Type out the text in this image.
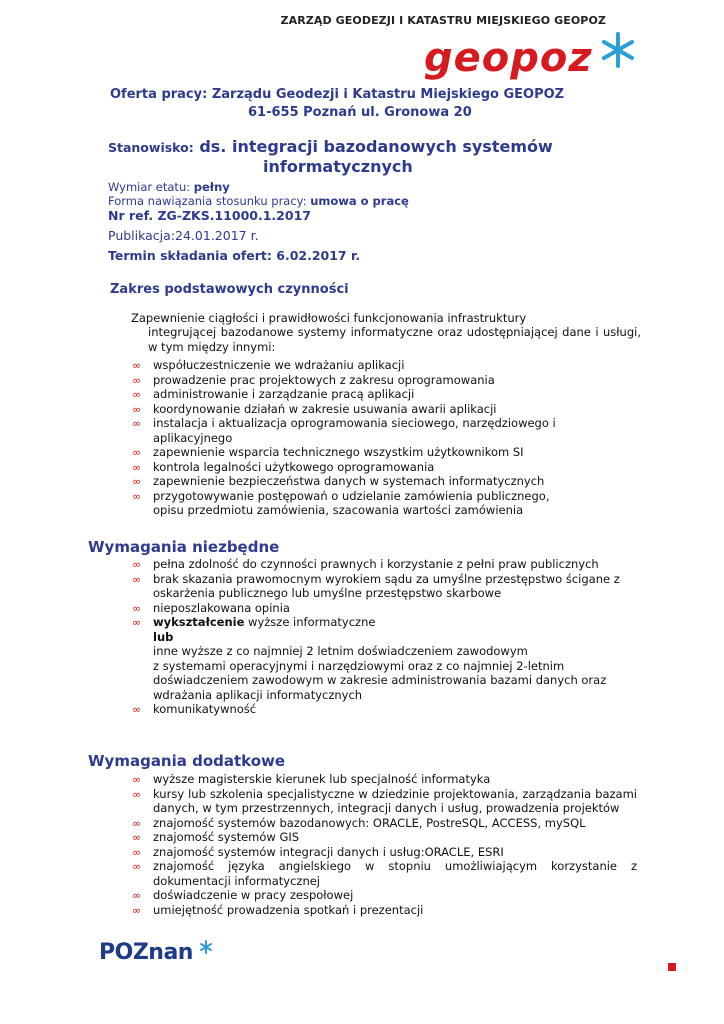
ZARZĄD GEODEZJI I KATASTRU MIEJSKIEGO GEOPOZ
geopoz
Oferta pracy: Zarządu Geodezji i Katastru Miejskiego GEOPOZ
61-655 Poznań ul. Gronowa 20
Stanowisko: ds. integracji bazodanowych systemów
informatycznych
Wymiar etatu: pełny
Forma nawiązania stosunku pracy: umowa o pracę
Nr ref. ZG-ZKS.11000.1.2017
Publikacja:24.01.2017 r.
Termin składania ofert: 6.02.2017 r.
Zakres podstawowych czynności
Zapewnienie ciągłości i prawidłowości funkcjonowania infrastruktury
integrującej bazodanowe systemy informatyczne oraz udostępniającej dane i usługi, w tym między innymi:
∞ współuczestniczenie we wdrażaniu aplikacji
∞ prowadzenie prac projektowych z zakresu oprogramowania
∞ administrowanie i zarządzanie pracą aplikacji
∞ koordynowanie działań w zakresie usuwania awarii aplikacji
∞ instalacja i aktualizacja oprogramowania sieciowego, narzędziowego i aplikacyjnego
∞ zapewnienie wsparcia technicznego wszystkim użytkownikom SI
∞ kontrola legalności użytkowego oprogramowania
∞ zapewnienie bezpieczeństwa danych w systemach informatycznych
∞ przygotowywanie postępowań o udzielanie zamówienia publicznego, opisu przedmiotu zamówienia, szacowania wartości zamówienia
Wymagania niezbędne
∞ pełna zdolność do czynności prawnych i korzystanie z pełni praw publicznych
∞ brak skazania prawomocnym wyrokiem sądu za umyślne przestępstwo ścigane z oskarżenia publicznego lub umyślne przestępstwo skarbowe
∞ nieposzlakowana opinia
∞ wykształcenie wyższe informatyczne
lub
inne wyższe z co najmniej 2 letnim doświadczeniem zawodowym
z systemami operacyjnymi i narzędziowymi oraz z co najmniej 2-letnim
doświadczeniem zawodowym w zakresie administrowania bazami danych oraz
wdrażania aplikacji informatycznych
∞ komunikatywność
Wymagania dodatkowe
∞ wyższe magisterskie kierunek lub specjalność informatyka
∞ kursy lub szkolenia specjalistyczne w dziedzinie projektowania, zarządzania bazami danych, w tym przestrzennych, integracji danych i usług, prowadzenia projektów
∞ znajomość systemów bazodanowych: ORACLE, PostreSQL, ACCESS, mySQL
∞ znajomość systemów GIS
∞ znajomość systemów integracji danych i usług:ORACLE, ESRI
∞ znajomość języka angielskiego w stopniu umożliwiającym korzystanie z dokumentacji informatycznej
∞ doświadczenie w pracy zespołowej
∞ umiejętność prowadzenia spotkań i prezentacji
POZnan
